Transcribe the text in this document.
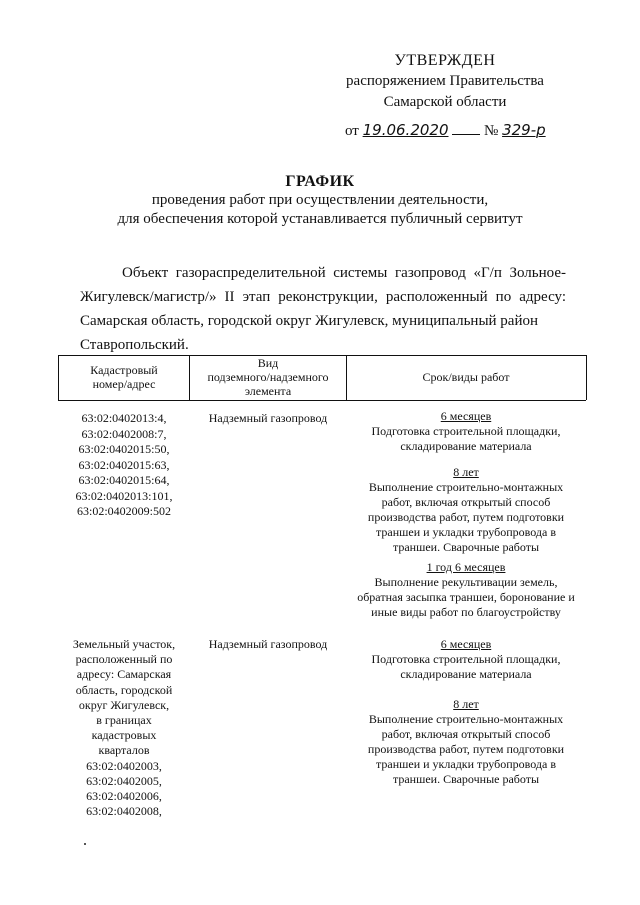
УТВЕРЖДЕН
распоряжением Правительства
Самарской области
от 19.06.2020 № 329-р
ГРАФИК
проведения работ при осуществлении деятельности,
для обеспечения которой устанавливается публичный сервитут
Объект газораспределительной системы газопровод «Г/п Зольное-Жигулевск/магистр/» II этап реконструкции, расположенный по адресу: Самарская область, городской округ Жигулевск, муниципальный район
Ставропольский.
Кадастровый
номер/адрес
Вид
подземного/надземного
элемента
Срок/виды работ
63:02:0402013:4,
63:02:0402008:7,
63:02:0402015:50,
63:02:0402015:63,
63:02:0402015:64,
63:02:0402013:101,
63:02:0402009:502
Надземный газопровод	6 месяцев
Подготовка строительной площадки,
складирование материала
8 лет
Выполнение строительно-монтажных
работ, включая открытый способ
производства работ, путем подготовки
траншеи и укладки трубопровода в
траншеи. Сварочные работы
1 год 6 месяцев
Выполнение рекультивации земель,
обратная засыпка траншеи, боронование и
иные виды работ по благоустройству
Земельный участок,
расположенный по
адресу: Самарская
область, городской
округ Жигулевск,
в границах
кадастровых
кварталов
63:02:0402003,
63:02:0402005,
63:02:0402006,
63:02:0402008,
Надземный газопровод	6 месяцев
Подготовка строительной площадки,
складирование материала
8 лет
Выполнение строительно-монтажных
работ, включая открытый способ
производства работ, путем подготовки
траншеи и укладки трубопровода в
траншеи. Сварочные работы
